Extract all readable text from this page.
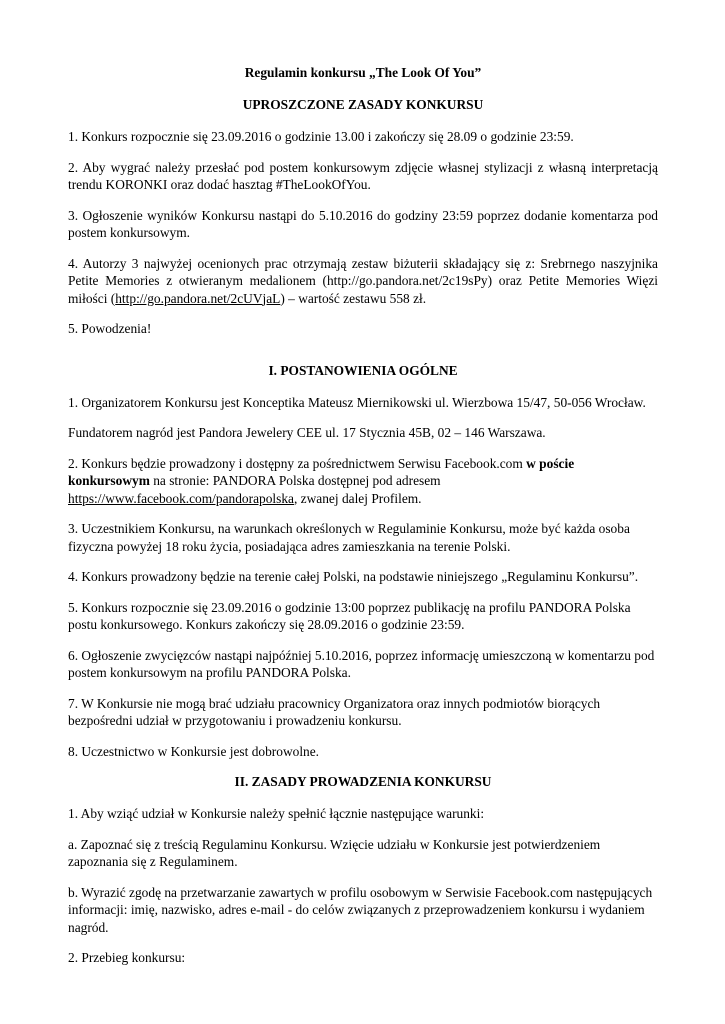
Regulamin konkursu „The Look Of You”
UPROSZCZONE ZASADY KONKURSU
1. Konkurs rozpocznie się 23.09.2016 o godzinie 13.00 i zakończy się 28.09 o godzinie 23:59.
2. Aby wygrać należy przesłać pod postem konkursowym zdjęcie własnej stylizacji z własną interpretacją trendu KORONKI oraz dodać hasztag #TheLookOfYou.
3. Ogłoszenie wyników Konkursu nastąpi do 5.10.2016 do godziny 23:59 poprzez dodanie komentarza pod postem konkursowym.
4. Autorzy 3 najwyżej ocenionych prac otrzymają zestaw biżuterii składający się z: Srebrnego naszyjnika Petite Memories z otwieranym medalionem (http://go.pandora.net/2c19sPy) oraz Petite Memories Więzi miłości (http://go.pandora.net/2cUVjaL) – wartość zestawu 558 zł.
5. Powodzenia!
I. POSTANOWIENIA OGÓLNE
1. Organizatorem Konkursu jest Konceptika Mateusz Miernikowski ul. Wierzbowa 15/47, 50-056 Wrocław.
Fundatorem nagród jest Pandora Jewelery CEE ul. 17 Stycznia 45B, 02 – 146 Warszawa.
2. Konkurs będzie prowadzony i dostępny za pośrednictwem Serwisu Facebook.com w poście konkursowym na stronie: PANDORA Polska dostępnej pod adresem
https://www.facebook.com/pandorapolska, zwanej dalej Profilem.
3. Uczestnikiem Konkursu, na warunkach określonych w Regulaminie Konkursu, może być każda osoba fizyczna powyżej 18 roku życia, posiadająca adres zamieszkania na terenie Polski.
4. Konkurs prowadzony będzie na terenie całej Polski, na podstawie niniejszego „Regulaminu Konkursu”.
5. Konkurs rozpocznie się 23.09.2016 o godzinie 13:00 poprzez publikację na profilu PANDORA Polska postu konkursowego. Konkurs zakończy się 28.09.2016 o godzinie 23:59.
6. Ogłoszenie zwycięzców nastąpi najpóźniej 5.10.2016, poprzez informację umieszczoną w komentarzu pod postem konkursowym na profilu PANDORA Polska.
7. W Konkursie nie mogą brać udziału pracownicy Organizatora oraz innych podmiotów biorących bezpośredni udział w przygotowaniu i prowadzeniu konkursu.
8. Uczestnictwo w Konkursie jest dobrowolne.
II. ZASADY PROWADZENIA KONKURSU
1. Aby wziąć udział w Konkursie należy spełnić łącznie następujące warunki:
a. Zapoznać się z treścią Regulaminu Konkursu. Wzięcie udziału w Konkursie jest potwierdzeniem zapoznania się z Regulaminem.
b. Wyrazić zgodę na przetwarzanie zawartych w profilu osobowym w Serwisie Facebook.com następujących informacji: imię, nazwisko, adres e-mail - do celów związanych z przeprowadzeniem konkursu i wydaniem nagród.
2. Przebieg konkursu:
